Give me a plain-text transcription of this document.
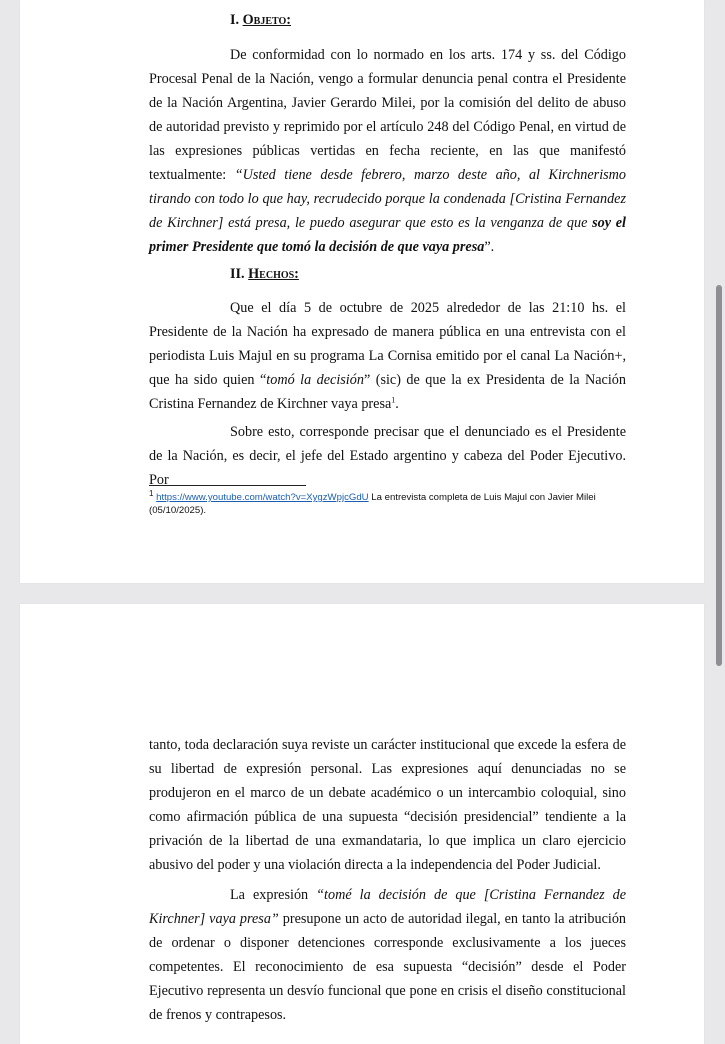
I. Objeto:

De conformidad con lo normado en los arts. 174 y ss. del Código Procesal Penal de la Nación, vengo a formular denuncia penal contra el Presidente de la Nación Argentina, Javier Gerardo Milei, por la comisión del delito de abuso de autoridad previsto y reprimido por el artículo 248 del Código Penal, en virtud de las expresiones públicas vertidas en fecha reciente, en las que manifestó textualmente: “Usted tiene desde febrero, marzo deste año, al Kirchnerismo tirando con todo lo que hay, recrudecido porque la condenada [Cristina Fernandez de Kirchner] está presa, le puedo asegurar que esto es la venganza de que soy el primer Presidente que tomó la decisión de que vaya presa”.

II. Hechos:

Que el día 5 de octubre de 2025 alrededor de las 21:10 hs. el Presidente de la Nación ha expresado de manera pública en una entrevista con el periodista Luis Majul en su programa La Cornisa emitido por el canal La Nación+, que ha sido quien “tomó la decisión” (sic) de que la ex Presidenta de la Nación Cristina Fernandez de Kirchner vaya presa$^1$.

Sobre esto, corresponde precisar que el denunciado es el Presidente de la Nación, es decir, el jefe del Estado argentino y cabeza del Poder Ejecutivo. Por

$^1$ https://www.youtube.com/watch?v=XygzWpjcGdU La entrevista completa de Luis Majul con Javier Milei (05/10/2025).

tanto, toda declaración suya reviste un carácter institucional que excede la esfera de su libertad de expresión personal. Las expresiones aquí denunciadas no se produjeron en el marco de un debate académico o un intercambio coloquial, sino como afirmación pública de una supuesta “decisión presidencial” tendiente a la privación de la libertad de una exmandataria, lo que implica un claro ejercicio abusivo del poder y una violación directa a la independencia del Poder Judicial.

La expresión “tomé la decisión de que [Cristina Fernandez de Kirchner] vaya presa” presupone un acto de autoridad ilegal, en tanto la atribución de ordenar o disponer detenciones corresponde exclusivamente a los jueces competentes. El reconocimiento de esa supuesta “decisión” desde el Poder Ejecutivo representa un desvío funcional que pone en crisis el diseño constitucional de frenos y contrapesos.
